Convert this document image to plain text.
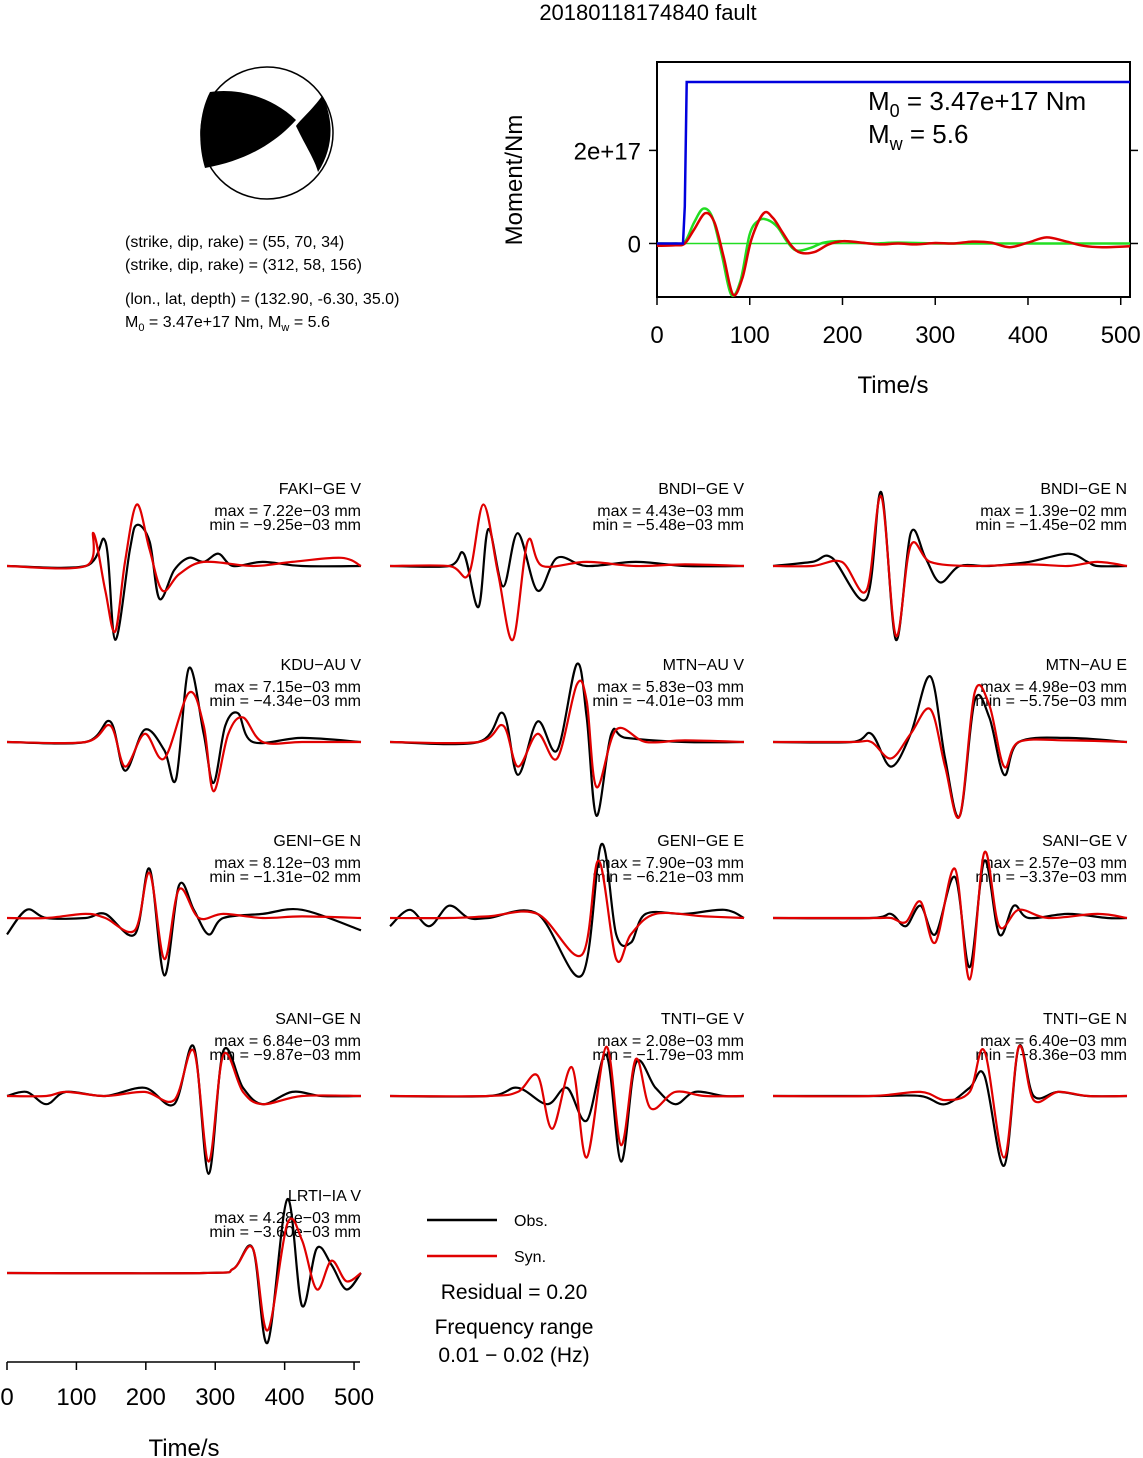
20180118174840 fault
(strike, dip, rake) = (55, 70, 34)
(strike, dip, rake) = (312, 58, 156)
(lon., lat, depth) = (132.90, -6.30, 35.0)
$M_0 = 3.47e+17$ Nm, $M_w = 5.6$	0	100 200 300 400 500
0
2e+17
$M_0 = 3.47e+17$ Nm
$M_w = 5.6$
Moment/Nm
Time/s
FAKI−GE V
max = 7.22e−03 mm
min = −9.25e−03 mm
BNDI−GE V
max = 4.43e−03 mm
min = −5.48e−03 mm
BNDI−GE N
max = 1.39e−02 mm
min = −1.45e−02 mm
KDU−AU V
max = 7.15e−03 mm
min = −4.34e−03 mm
MTN−AU V
max = 5.83e−03 mm
min = −4.01e−03 mm
MTN−AU E
max = 4.98e−03 mm
min = −5.75e−03 mm
GENI−GE N
max = 8.12e−03 mm
min = −1.31e−02 mm
GENI−GE E
max = 7.90e−03 mm
min = −6.21e−03 mm
SANI−GE V
max = 2.57e−03 mm
min = −3.37e−03 mm
SANI−GE N
max = 6.84e−03 mm
min = −9.87e−03 mm
TNTI−GE V
max = 2.08e−03 mm
min = −1.79e−03 mm
TNTI−GE N
max = 6.40e−03 mm
min = −8.36e−03 mm
LRTI−IA V
max = 4.28e−03 mm
min = −3.60e−03 mm
Time/s
0 100 200 300 400 500
Obs.
Syn.
Residual = 0.20
Frequency range
0.01 − 0.02 (Hz)
